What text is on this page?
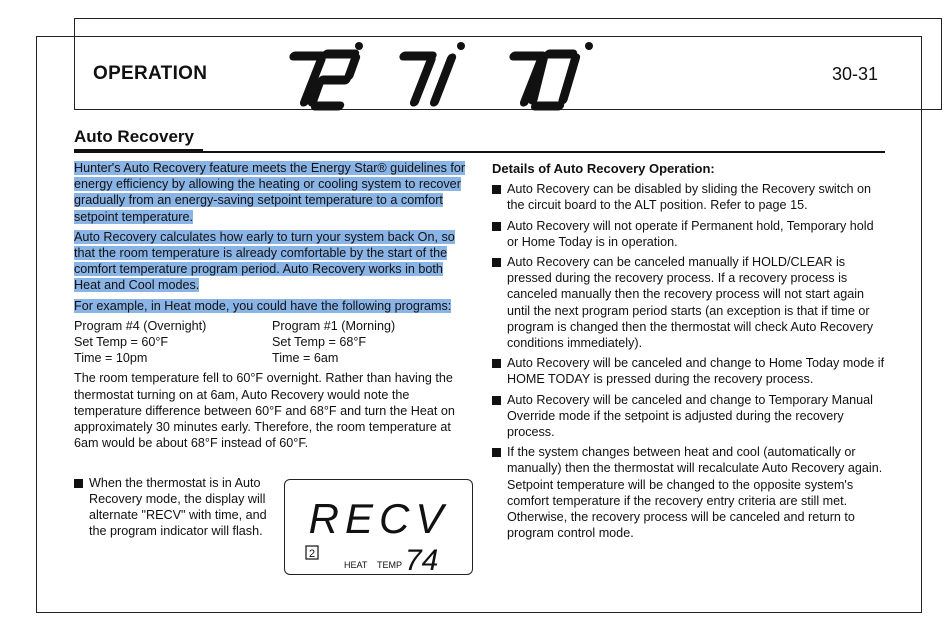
OPERATION	30-31
Auto Recovery

Hunter's Auto Recovery feature meets the Energy Star® guidelines for energy efficiency by allowing the heating or cooling system to recover gradually from an energy-saving setpoint temperature to a comfort setpoint temperature.

Auto Recovery calculates how early to turn your system back On, so that the room temperature is already comfortable by the start of the comfort temperature program period. Auto Recovery works in both Heat and Cool modes.

For example, in Heat mode, you could have the following programs:

Program #4 (Overnight)	Program #1 (Morning)
Set Temp = 60°F	Set Temp = 68°F
Time = 10pm	Time = 6am

The room temperature fell to 60°F overnight. Rather than having the thermostat turning on at 6am, Auto Recovery would note the temperature difference between 60°F and 68°F and turn the Heat on approximately 30 minutes early. Therefore, the room temperature at 6am would be about 68°F instead of 60°F.

When the thermostat is in Auto Recovery mode, the display will alternate "RECV" with time, and the program indicator will flash.	RECV
2
HEAT TEMP 74
Details of Auto Recovery Operation:
Auto Recovery can be disabled by sliding the Recovery switch on the circuit board to the ALT position. Refer to page 15.
Auto Recovery will not operate if Permanent hold, Temporary hold or Home Today is in operation.
Auto Recovery can be canceled manually if HOLD/CLEAR is pressed during the recovery process. If a recovery process is canceled manually then the recovery process will not start again until the next program period starts (an exception is that if time or program is changed then the thermostat will check Auto Recovery conditions immediately).
Auto Recovery will be canceled and change to Home Today mode if HOME TODAY is pressed during the recovery process.
Auto Recovery will be canceled and change to Temporary Manual Override mode if the setpoint is adjusted during the recovery process.
If the system changes between heat and cool (automatically or manually) then the thermostat will recalculate Auto Recovery again. Setpoint temperature will be changed to the opposite system's comfort temperature if the recovery entry criteria are still met. Otherwise, the recovery process will be canceled and return to program control mode.
